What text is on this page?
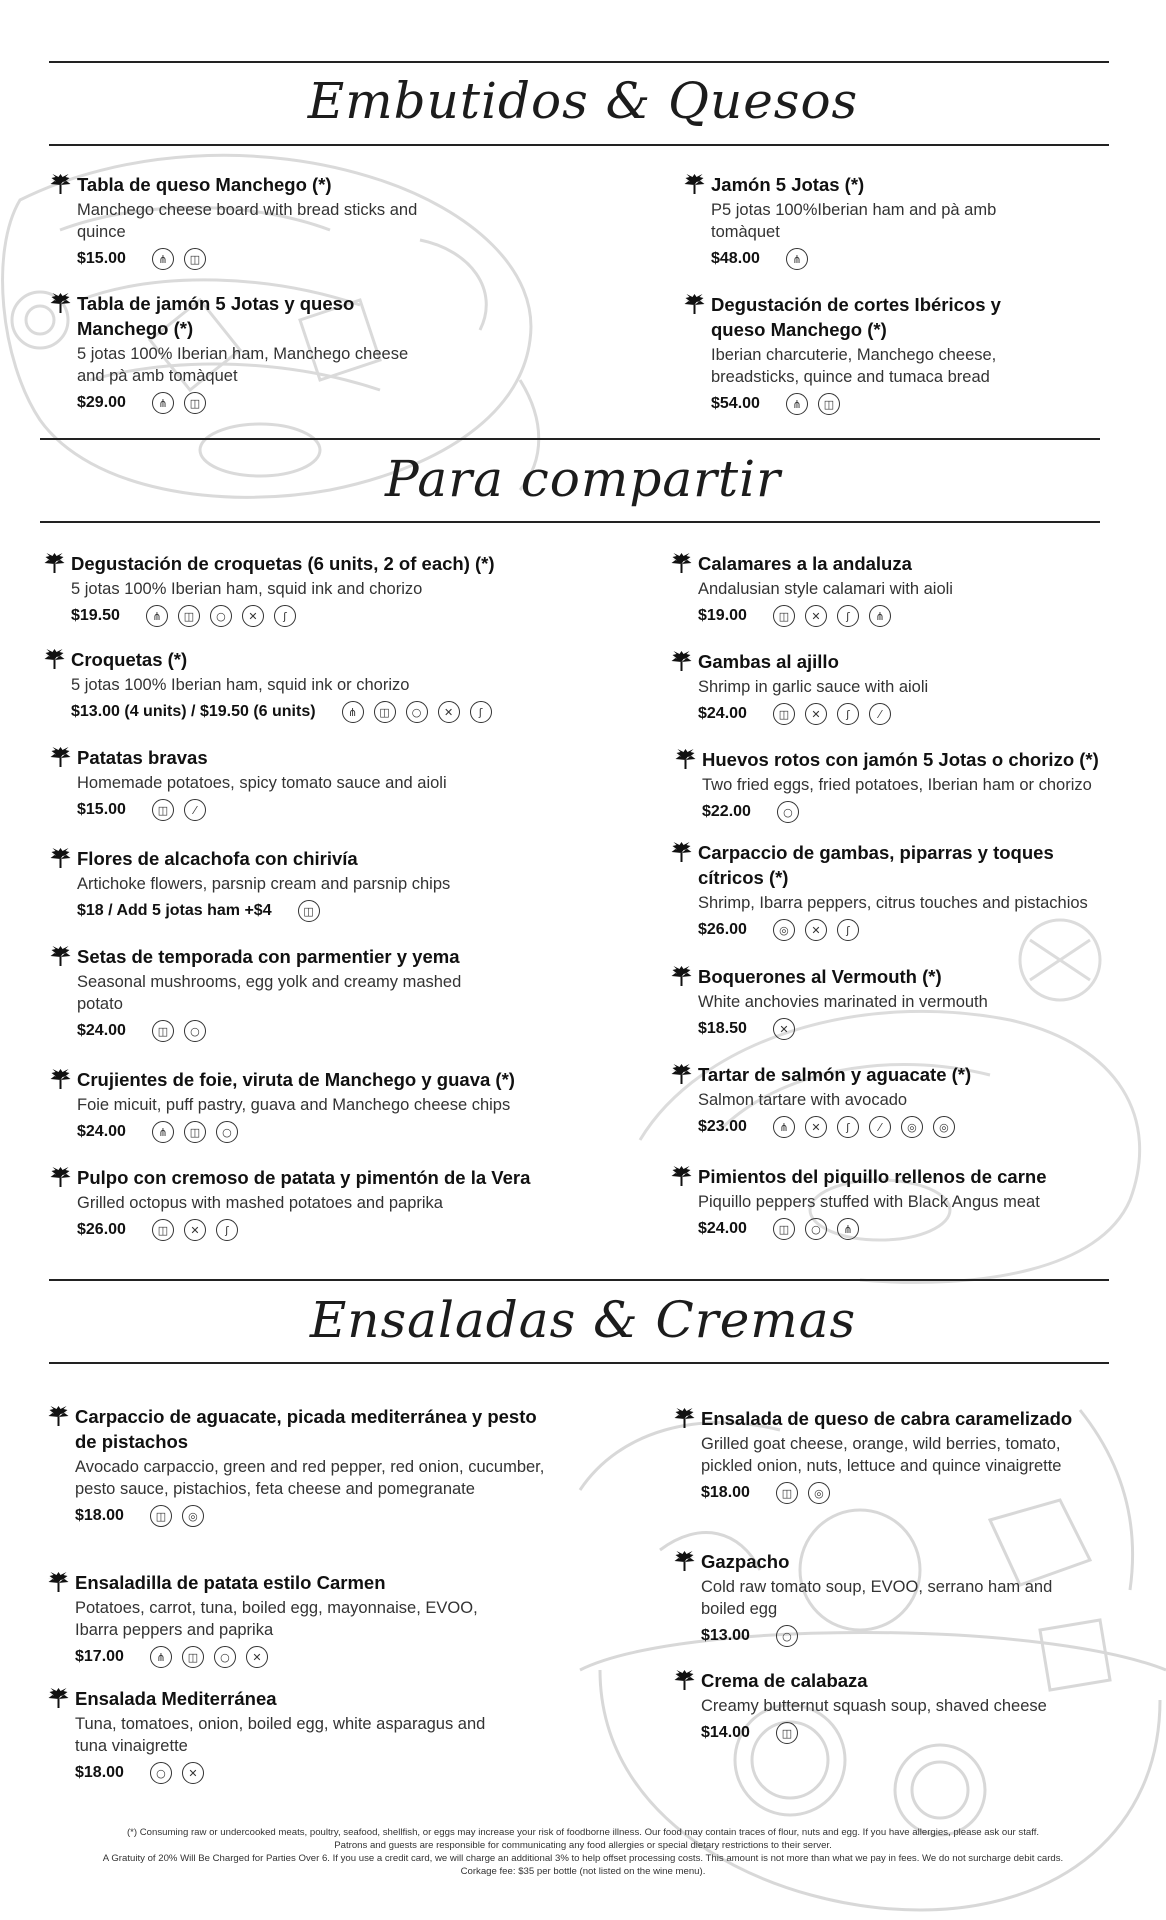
Embutidos & Quesos
Para compartir
Ensaladas & Cremas
Tabla de queso Manchego (*)
Manchego cheese board with bread sticks and quince
$15.00	⋔	◫
Tabla de jamón 5 Jotas y queso Manchego (*)
5 jotas 100% Iberian ham, Manchego cheese and pà amb tomàquet
$29.00	⋔	◫
Jamón 5 Jotas (*)
P5 jotas 100%Iberian ham and pà amb tomàquet
$48.00	⋔
Degustación de cortes Ibéricos y queso Manchego (*)
Iberian charcuterie, Manchego cheese, breadsticks, quince and tumaca bread
$54.00	⋔	◫
Degustación de croquetas (6 units, 2 of each) (*)
5 jotas 100% Iberian ham, squid ink and chorizo
$19.50	⋔	◫	○	✕	ʃ
Croquetas (*)
5 jotas 100% Iberian ham, squid ink or chorizo
$13.00 (4 units) / $19.50 (6 units)	⋔	◫	○	✕	ʃ
Patatas bravas
Homemade potatoes, spicy tomato sauce and aioli
$15.00	◫	⁄
Flores de alcachofa con chirivía
Artichoke flowers, parsnip cream and parsnip chips
$18 / Add 5 jotas ham +$4	◫
Setas de temporada con parmentier y yema
Seasonal mushrooms, egg yolk and creamy mashed potato
$24.00	◫	○
Crujientes de foie, viruta de Manchego y guava (*)
Foie micuit, puff pastry, guava and Manchego cheese chips
$24.00	⋔	◫	○
Pulpo con cremoso de patata y pimentón de la Vera
Grilled octopus with mashed potatoes and paprika
$26.00	◫	✕	ʃ
Calamares a la andaluza
Andalusian style calamari with aioli
$19.00	◫	✕	ʃ	⋔
Gambas al ajillo
Shrimp in garlic sauce with aioli
$24.00	◫	✕	ʃ	⁄
Huevos rotos con jamón 5 Jotas o chorizo (*)
Two fried eggs, fried potatoes, Iberian ham or chorizo
$22.00	○
Carpaccio de gambas, piparras y toques cítricos (*)
Shrimp, Ibarra peppers, citrus touches and pistachios
$26.00	◎	✕	ʃ
Boquerones al Vermouth (*)
White anchovies marinated in vermouth
$18.50	✕
Tartar de salmón y aguacate (*)
Salmon tartare with avocado
$23.00	⋔	✕	ʃ	⁄	◎	◎
Pimientos del piquillo rellenos de carne
Piquillo peppers stuffed with Black Angus meat
$24.00	◫	○	⋔
Carpaccio de aguacate, picada mediterránea y pesto de pistachos
Avocado carpaccio, green and red pepper, red onion, cucumber, pesto sauce, pistachios, feta cheese and pomegranate
$18.00	◫	◎
Ensaladilla de patata estilo Carmen
Potatoes, carrot, tuna, boiled egg, mayonnaise, EVOO, Ibarra peppers and paprika
$17.00	⋔	◫	○	✕
Ensalada Mediterránea
Tuna, tomatoes, onion, boiled egg, white asparagus and tuna vinaigrette
$18.00	○	✕
Ensalada de queso de cabra caramelizado
Grilled goat cheese, orange, wild berries, tomato, pickled onion, nuts, lettuce and quince vinaigrette
$18.00	◫	◎
Gazpacho
Cold raw tomato soup, EVOO, serrano ham and boiled egg
$13.00	○
Crema de calabaza
Creamy butternut squash soup, shaved cheese
$14.00	◫
(*) Consuming raw or undercooked meats, poultry, seafood, shellfish, or eggs may increase your risk of foodborne illness. Our food may contain traces of flour, nuts and egg. If you have allergies, please ask our staff.
Patrons and guests are responsible for communicating any food allergies or special dietary restrictions to their server.
A Gratuity of 20% Will Be Charged for Parties Over 6. If you use a credit card, we will charge an additional 3% to help offset processing costs. This amount is not more than what we pay in fees. We do not surcharge debit cards.
Corkage fee: $35 per bottle (not listed on the wine menu).
